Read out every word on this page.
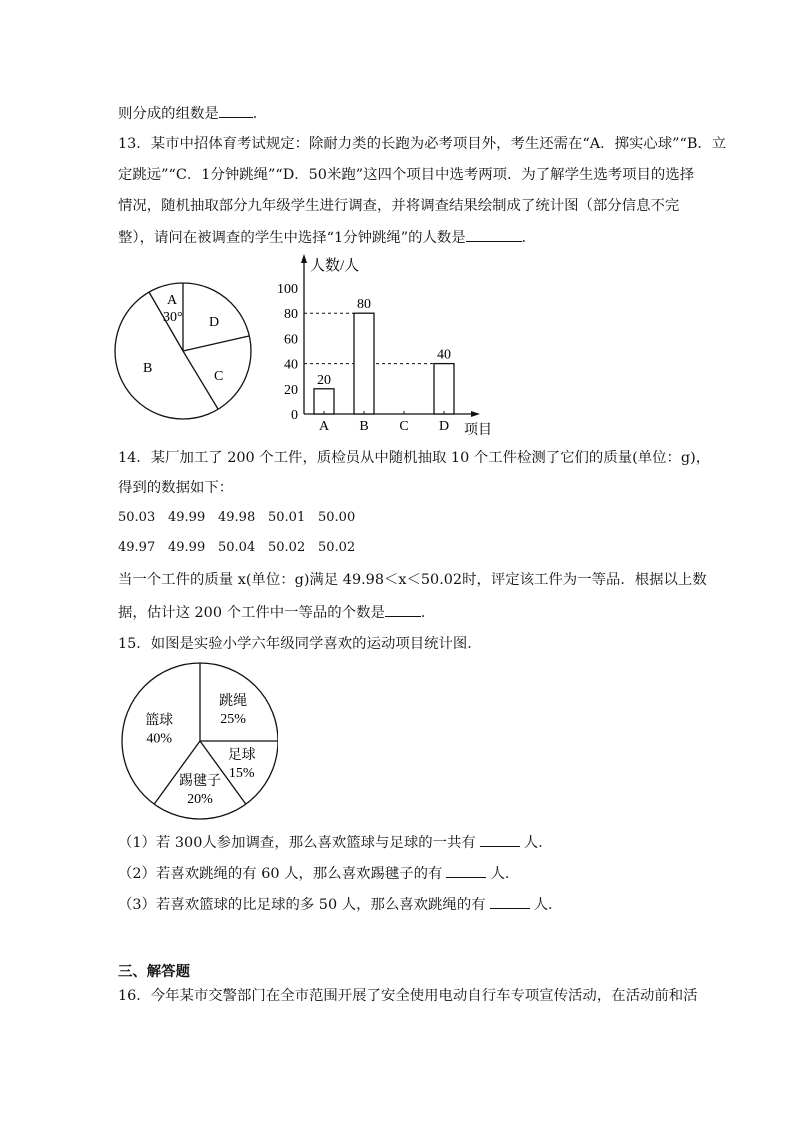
则分成的组数是 ．
13．某市中招体育考试规定：除耐力类的长跑为必考项目外，考生还需在“A．掷实心球”“B．立
定跳远”“C．1分钟跳绳”“D．50米跑”这四个项目中选考两项．为了解学生选考项目的选择
情况，随机抽取部分九年级学生进行调查，并将调查结果绘制成了统计图（部分信息不完
整），请问在被调查的学生中选择“1分钟跳绳”的人数是	．
A
30° D
C
B
人数/人
项目
0
20
40
60
80
100
20
A
80
B C
40
D
14．某厂加工了 200 个工件，质检员从中随机抽取 10 个工件检测了它们的质量(单位：g)，
得到的数据如下：
50.03 49.99 49.98 50.01 50.00
49.97 49.99 50.04 50.02 50.02
当一个工件的质量 x(单位：g)满足 49.98＜x＜50.02时，评定该工件为一等品．根据以上数
据，估计这 200 个工件中一等品的个数是	．
15．如图是实验小学六年级同学喜欢的运动项目统计图．
跳绳
25%
足球
15%
踢毽子
20%
篮球
40%
（1）若 300人参加调查，那么喜欢篮球与足球的一共有	人．
（2）若喜欢跳绳的有 60 人，那么喜欢踢毽子的有	人．
（3）若喜欢篮球的比足球的多 50 人，那么喜欢跳绳的有	人．
三、解答题
16．今年某市交警部门在全市范围开展了安全使用电动自行车专项宣传活动，在活动前和活
